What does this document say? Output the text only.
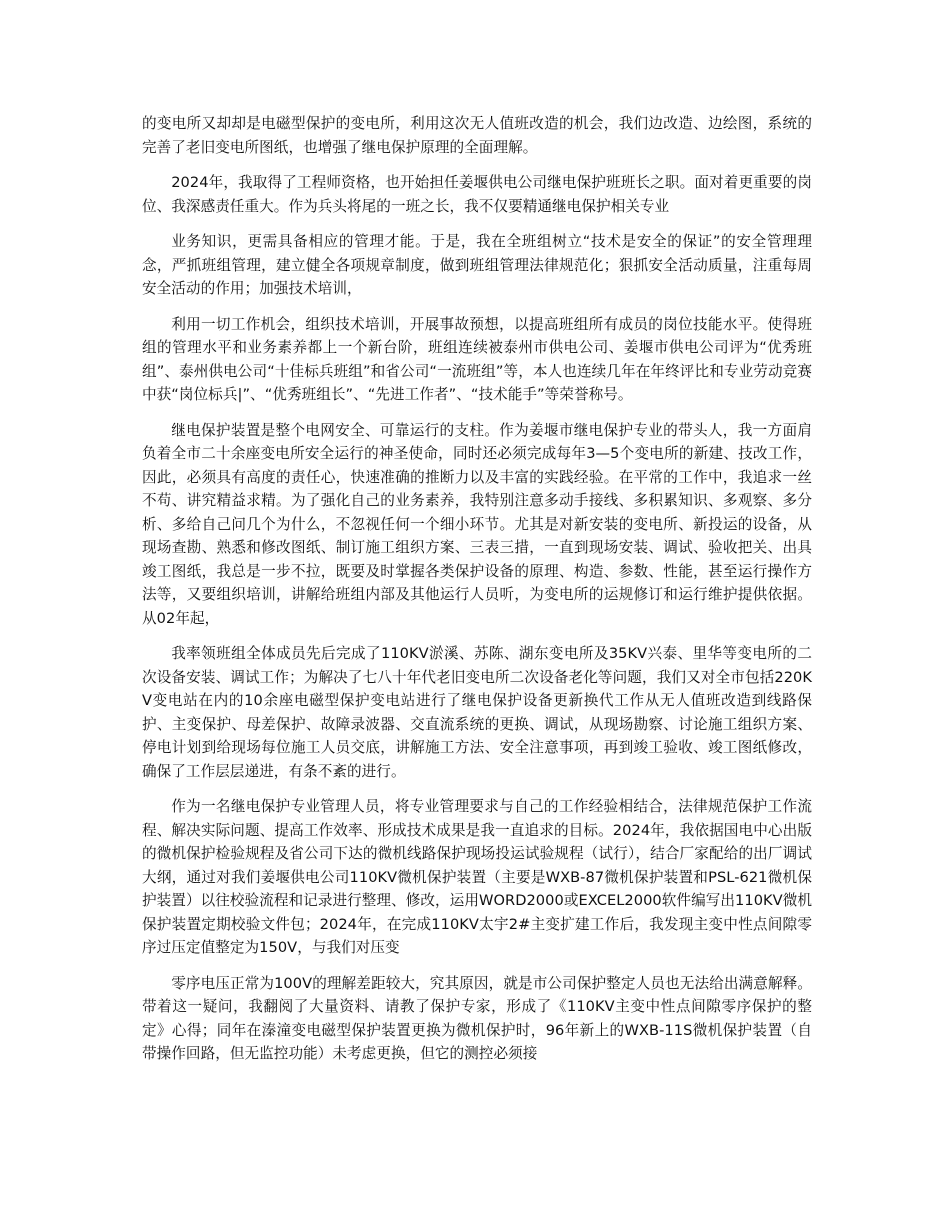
的变电所又却却是电磁型保护的变电所，利用这次无人值班改造的机会，我们边改造、边绘图，系统的完善了老旧变电所图纸，也增强了继电保护原理的全面理解。

2024年，我取得了工程师资格，也开始担任姜堰供电公司继电保护班班长之职。面对着更重要的岗位、我深感责任重大。作为兵头将尾的一班之长，我不仅要精通继电保护相关专业

业务知识，更需具备相应的管理才能。于是，我在全班组树立“技术是安全的保证”的安全管理理念，严抓班组管理，建立健全各项规章制度，做到班组管理法律规范化；狠抓安全活动质量，注重每周安全活动的作用；加强技术培训，

利用一切工作机会，组织技术培训，开展事故预想，以提高班组所有成员的岗位技能水平。使得班组的管理水平和业务素养都上一个新台阶，班组连续被泰州市供电公司、姜堰市供电公司评为“优秀班组”、泰州供电公司“十佳标兵班组”和省公司“一流班组”等，本人也连续几年在年终评比和专业劳动竞赛中获“岗位标兵|”、“优秀班组长”、“先进工作者”、“技术能手”等荣誉称号。

继电保护装置是整个电网安全、可靠运行的支柱。作为姜堰市继电保护专业的带头人，我一方面肩负着全市二十余座变电所安全运行的神圣使命，同时还必须完成每年3—5个变电所的新建、技改工作，因此，必须具有高度的责任心，快速准确的推断力以及丰富的实践经验。在平常的工作中，我追求一丝不苟、讲究精益求精。为了强化自己的业务素养，我特别注意多动手接线、多积累知识、多观察、多分析、多给自己问几个为什么，不忽视任何一个细小环节。尤其是对新安装的变电所、新投运的设备，从现场查勘、熟悉和修改图纸、制订施工组织方案、三表三措，一直到现场安装、调试、验收把关、出具竣工图纸，我总是一步不拉，既要及时掌握各类保护设备的原理、构造、参数、性能，甚至运行操作方法等，又要组织培训，讲解给班组内部及其他运行人员听，为变电所的运规修订和运行维护提供依据。从02年起，

我率领班组全体成员先后完成了110KV淤溪、苏陈、湖东变电所及35KV兴泰、里华等变电所的二次设备安装、调试工作；为解决了七八十年代老旧变电所二次设备老化等问题，我们又对全市包括220KV变电站在内的10余座电磁型保护变电站进行了继电保护设备更新换代工作从无人值班改造到线路保护、主变保护、母差保护、故障录波器、交直流系统的更换、调试，从现场勘察、讨论施工组织方案、停电计划到给现场每位施工人员交底，讲解施工方法、安全注意事项，再到竣工验收、竣工图纸修改，确保了工作层层递进，有条不紊的进行。

作为一名继电保护专业管理人员，将专业管理要求与自己的工作经验相结合，法律规范保护工作流程、解决实际问题、提高工作效率、形成技术成果是我一直追求的目标。2024年，我依据国电中心出版的微机保护检验规程及省公司下达的微机线路保护现场投运试验规程（试行），结合厂家配给的出厂调试大纲，通过对我们姜堰供电公司110KV微机保护装置（主要是WXB-87微机保护装置和PSL-621微机保护装置）以往校验流程和记录进行整理、修改，运用WORD2000或EXCEL2000软件编写出110KV微机保护装置定期校验文件包；2024年，在完成110KV太宇2#主变扩建工作后，我发现主变中性点间隙零序过压定值整定为150V，与我们对压变

零序电压正常为100V的理解差距较大，究其原因，就是市公司保护整定人员也无法给出满意解释。带着这一疑问，我翻阅了大量资料、请教了保护专家，形成了《110KV主变中性点间隙零序保护的整定》心得；同年在溱潼变电磁型保护装置更换为微机保护时，96年新上的WXB-11S微机保护装置（自带操作回路，但无监控功能）未考虑更换，但它的测控必须接
